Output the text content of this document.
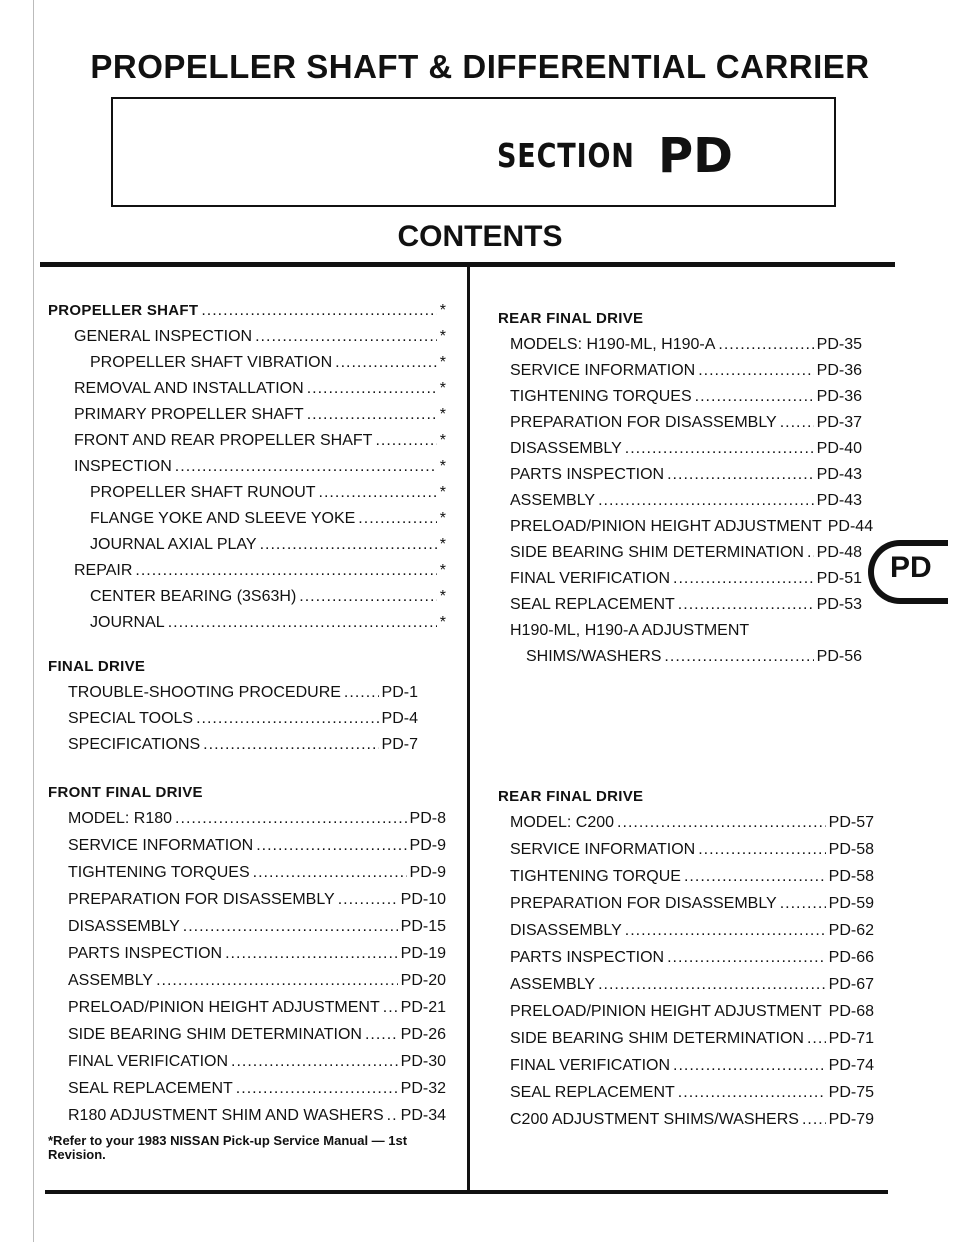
PROPELLER SHAFT & DIFFERENTIAL CARRIER
SECTION PD
CONTENTS
PROPELLER SHAFT .....	*
GENERAL INSPECTION .....	*
PROPELLER SHAFT VIBRATION .....	*
REMOVAL AND INSTALLATION .....	*
PRIMARY PROPELLER SHAFT .....	*
FRONT AND REAR PROPELLER SHAFT .....	*
INSPECTION .....	*
PROPELLER SHAFT RUNOUT .....	*
FLANGE YOKE AND SLEEVE YOKE .....	*
JOURNAL AXIAL PLAY .....	*
REPAIR .....	*
CENTER BEARING (3S63H) .....	*
JOURNAL .....	*
FINAL DRIVE
TROUBLE-SHOOTING PROCEDURE .....	PD-1
SPECIAL TOOLS .....	PD-4
SPECIFICATIONS .....	PD-7
FRONT FINAL DRIVE
MODEL: R180 .....	PD-8
SERVICE INFORMATION .....	PD-9
TIGHTENING TORQUES .....	PD-9
PREPARATION FOR DISASSEMBLY .....	PD-10
DISASSEMBLY .....	PD-15
PARTS INSPECTION .....	PD-19
ASSEMBLY .....	PD-20
PRELOAD/PINION HEIGHT ADJUSTMENT ..... PD-21
SIDE BEARING SHIM DETERMINATION ..... PD-26
FINAL VERIFICATION .....	PD-30
SEAL REPLACEMENT .....	PD-32
R180 ADJUSTMENT SHIM AND WASHERS ..... PD-34
*Refer to your 1983 NISSAN Pick-up Service Manual — 1st Revision.
REAR FINAL DRIVE
MODELS: H190-ML, H190-A .....	PD-35
SERVICE INFORMATION .....	PD-36
TIGHTENING TORQUES .....	PD-36
PREPARATION FOR DISASSEMBLY ..... PD-37
DISASSEMBLY .....	PD-40
PARTS INSPECTION .....	PD-43
ASSEMBLY .....	PD-43
PRELOAD/PINION HEIGHT ADJUSTMENT PD-44
SIDE BEARING SHIM DETERMINATION ..... PD-48
FINAL VERIFICATION .....	PD-51
SEAL REPLACEMENT .....	PD-53
H190-ML, H190-A ADJUSTMENT
SHIMS/WASHERS .....	PD-56
REAR FINAL DRIVE
MODEL: C200 .....	PD-57
SERVICE INFORMATION .....	PD-58
TIGHTENING TORQUE .....	PD-58
PREPARATION FOR DISASSEMBLY .....	PD-59
DISASSEMBLY .....	PD-62
PARTS INSPECTION .....	PD-66
ASSEMBLY .....	PD-67
PRELOAD/PINION HEIGHT ADJUSTMENT ..... PD-68
SIDE BEARING SHIM DETERMINATION ..... PD-71
FINAL VERIFICATION .....	PD-74
SEAL REPLACEMENT .....	PD-75
C200 ADJUSTMENT SHIMS/WASHERS ..... PD-79
PD
